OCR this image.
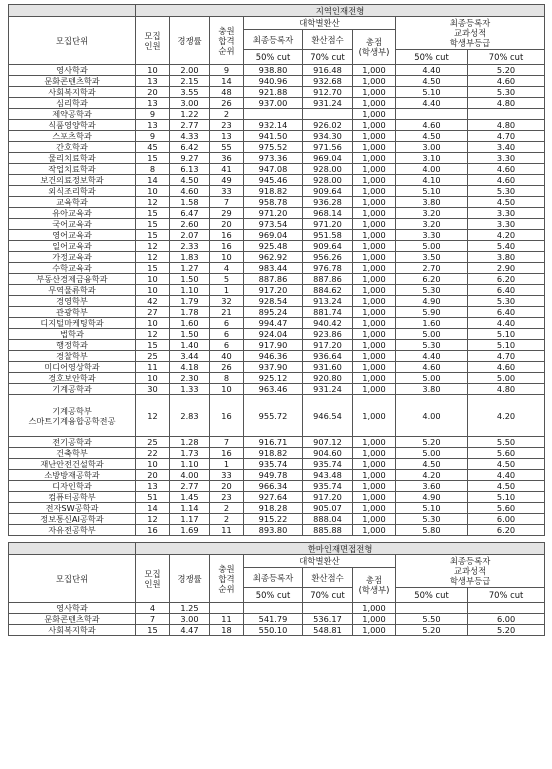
	지역인재전형							
모집단위	모집
인원	경쟁률	충원
합격
순위	대학별환산			최종등록자
교과성적
학생부등급	
				최종등록자	환산점수	총점
(학생부)		
				50% cut	70% cut		50% cut	70% cut
영사학과	10	2.00	9	938.80	916.48	1,000	4.40	5.20
문화콘텐츠학과	13	2.15	14	940.96	932.68	1,000	4.50	4.60
사회복지학과	20	3.55	48	921.88	912.70	1,000	5.10	5.30
심리학과	13	3.00	26	937.00	931.24	1,000	4.40	4.80
제약공학과	9	1.22	2			1,000		
식품영양학과	13	2.77	23	932.14	926.02	1,000	4.60	4.80
스포츠학과	9	4.33	13	941.50	934.30	1,000	4.50	4.70
간호학과	45	6.42	55	975.52	971.56	1,000	3.00	3.40
물리치료학과	15	9.27	36	973.36	969.04	1,000	3.10	3.30
작업치료학과	8	6.13	41	947.08	928.00	1,000	4.00	4.60
보건의료정보학과	14	4.50	49	945.46	928.00	1,000	4.10	4.60
외식조리학과	10	4.60	33	918.82	909.64	1,000	5.10	5.30
교육학과	12	1.58	7	958.78	936.28	1,000	3.80	4.50
유아교육과	15	6.47	29	971.20	968.14	1,000	3.20	3.30
국어교육과	15	2.60	20	973.54	971.20	1,000	3.20	3.30
영어교육과	15	2.07	16	969.04	951.58	1,000	3.30	4.20
일어교육과	12	2.33	16	925.48	909.64	1,000	5.00	5.40
가정교육과	12	1.83	10	962.92	956.26	1,000	3.50	3.80
수학교육과	15	1.27	4	983.44	976.78	1,000	2.70	2.90
부동산경제금융학과	10	1.50	5	887.86	887.86	1,000	6.20	6.20
무역물류학과	10	1.10	1	917.20	884.62	1,000	5.30	6.40
경영학부	42	1.79	32	928.54	913.24	1,000	4.90	5.30
관광학부	27	1.78	21	895.24	881.74	1,000	5.90	6.40
디지털마케팅학과	10	1.60	6	994.47	940.42	1,000	1.60	4.40
법학과	12	1.50	6	924.04	923.86	1,000	5.00	5.10
행정학과	15	1.40	6	917.90	917.20	1,000	5.30	5.10
경찰학부	25	3.44	40	946.36	936.64	1,000	4.40	4.70
미디어영상학과	11	4.18	26	937.90	931.60	1,000	4.60	4.60
경호보안학과	10	2.30	8	925.12	920.80	1,000	5.00	5.00
기계공학과	30	1.33	10	963.46	931.24	1,000	3.80	4.80
기계공학부
스마트기계융합공학전공	12	2.83	16	955.72	946.54	1,000	4.00	4.20
전기공학과	25	1.28	7	916.71	907.12	1,000	5.20	5.50
건축학부	22	1.73	16	918.82	904.60	1,000	5.00	5.60
재난안전건설학과	10	1.10	1	935.74	935.74	1,000	4.50	4.50
소방방재공학과	20	4.00	33	949.78	943.48	1,000	4.20	4.40
디자인학과	13	2.77	20	966.34	935.74	1,000	3.60	4.50
컴퓨터공학부	51	1.45	23	927.64	917.20	1,000	4.90	5.10
전자SW공학과	14	1.14	2	918.28	905.07	1,000	5.10	5.60
정보통신AI공학과	12	1.17	2	915.22	888.04	1,000	5.30	6.00
자유전공학부	16	1.69	11	893.80	885.88	1,000	5.80	6.20
	한마인재면접전형							
모집단위	모집
인원	경쟁률	충원
합격
순위	대학별환산			최종등록자
교과성적
학생부등급	
				최종등록자	환산점수	총점
(학생부)		
				50% cut	70% cut		50% cut	70% cut
영사학과	4	1.25				1,000		
문화콘텐츠학과	7	3.00	11	541.79	536.17	1,000	5.50	6.00
사회복지학과	15	4.47	18	550.10	548.81	1,000	5.20	5.20
